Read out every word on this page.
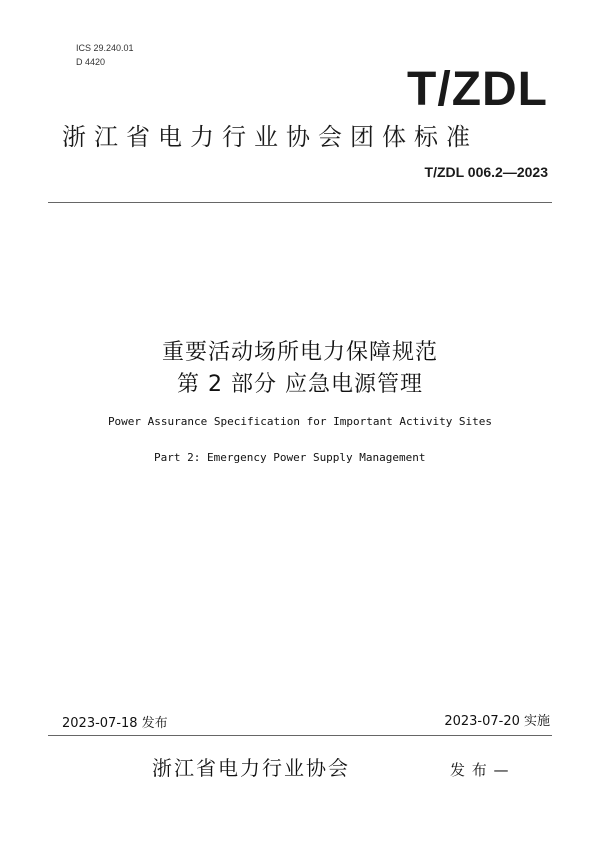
ICS 29.240.01
D 4420
T/ZDL
浙江省电力行业协会团体标准
T/ZDL 006.2—2023
重要活动场所电力保障规范
第 2 部分 应急电源管理
Power Assurance Specification for Important Activity Sites
Part 2: Emergency Power Supply Management
2023-07-18 发布	2023-07-20 实施
浙江省电力行业协会	发 布 —
